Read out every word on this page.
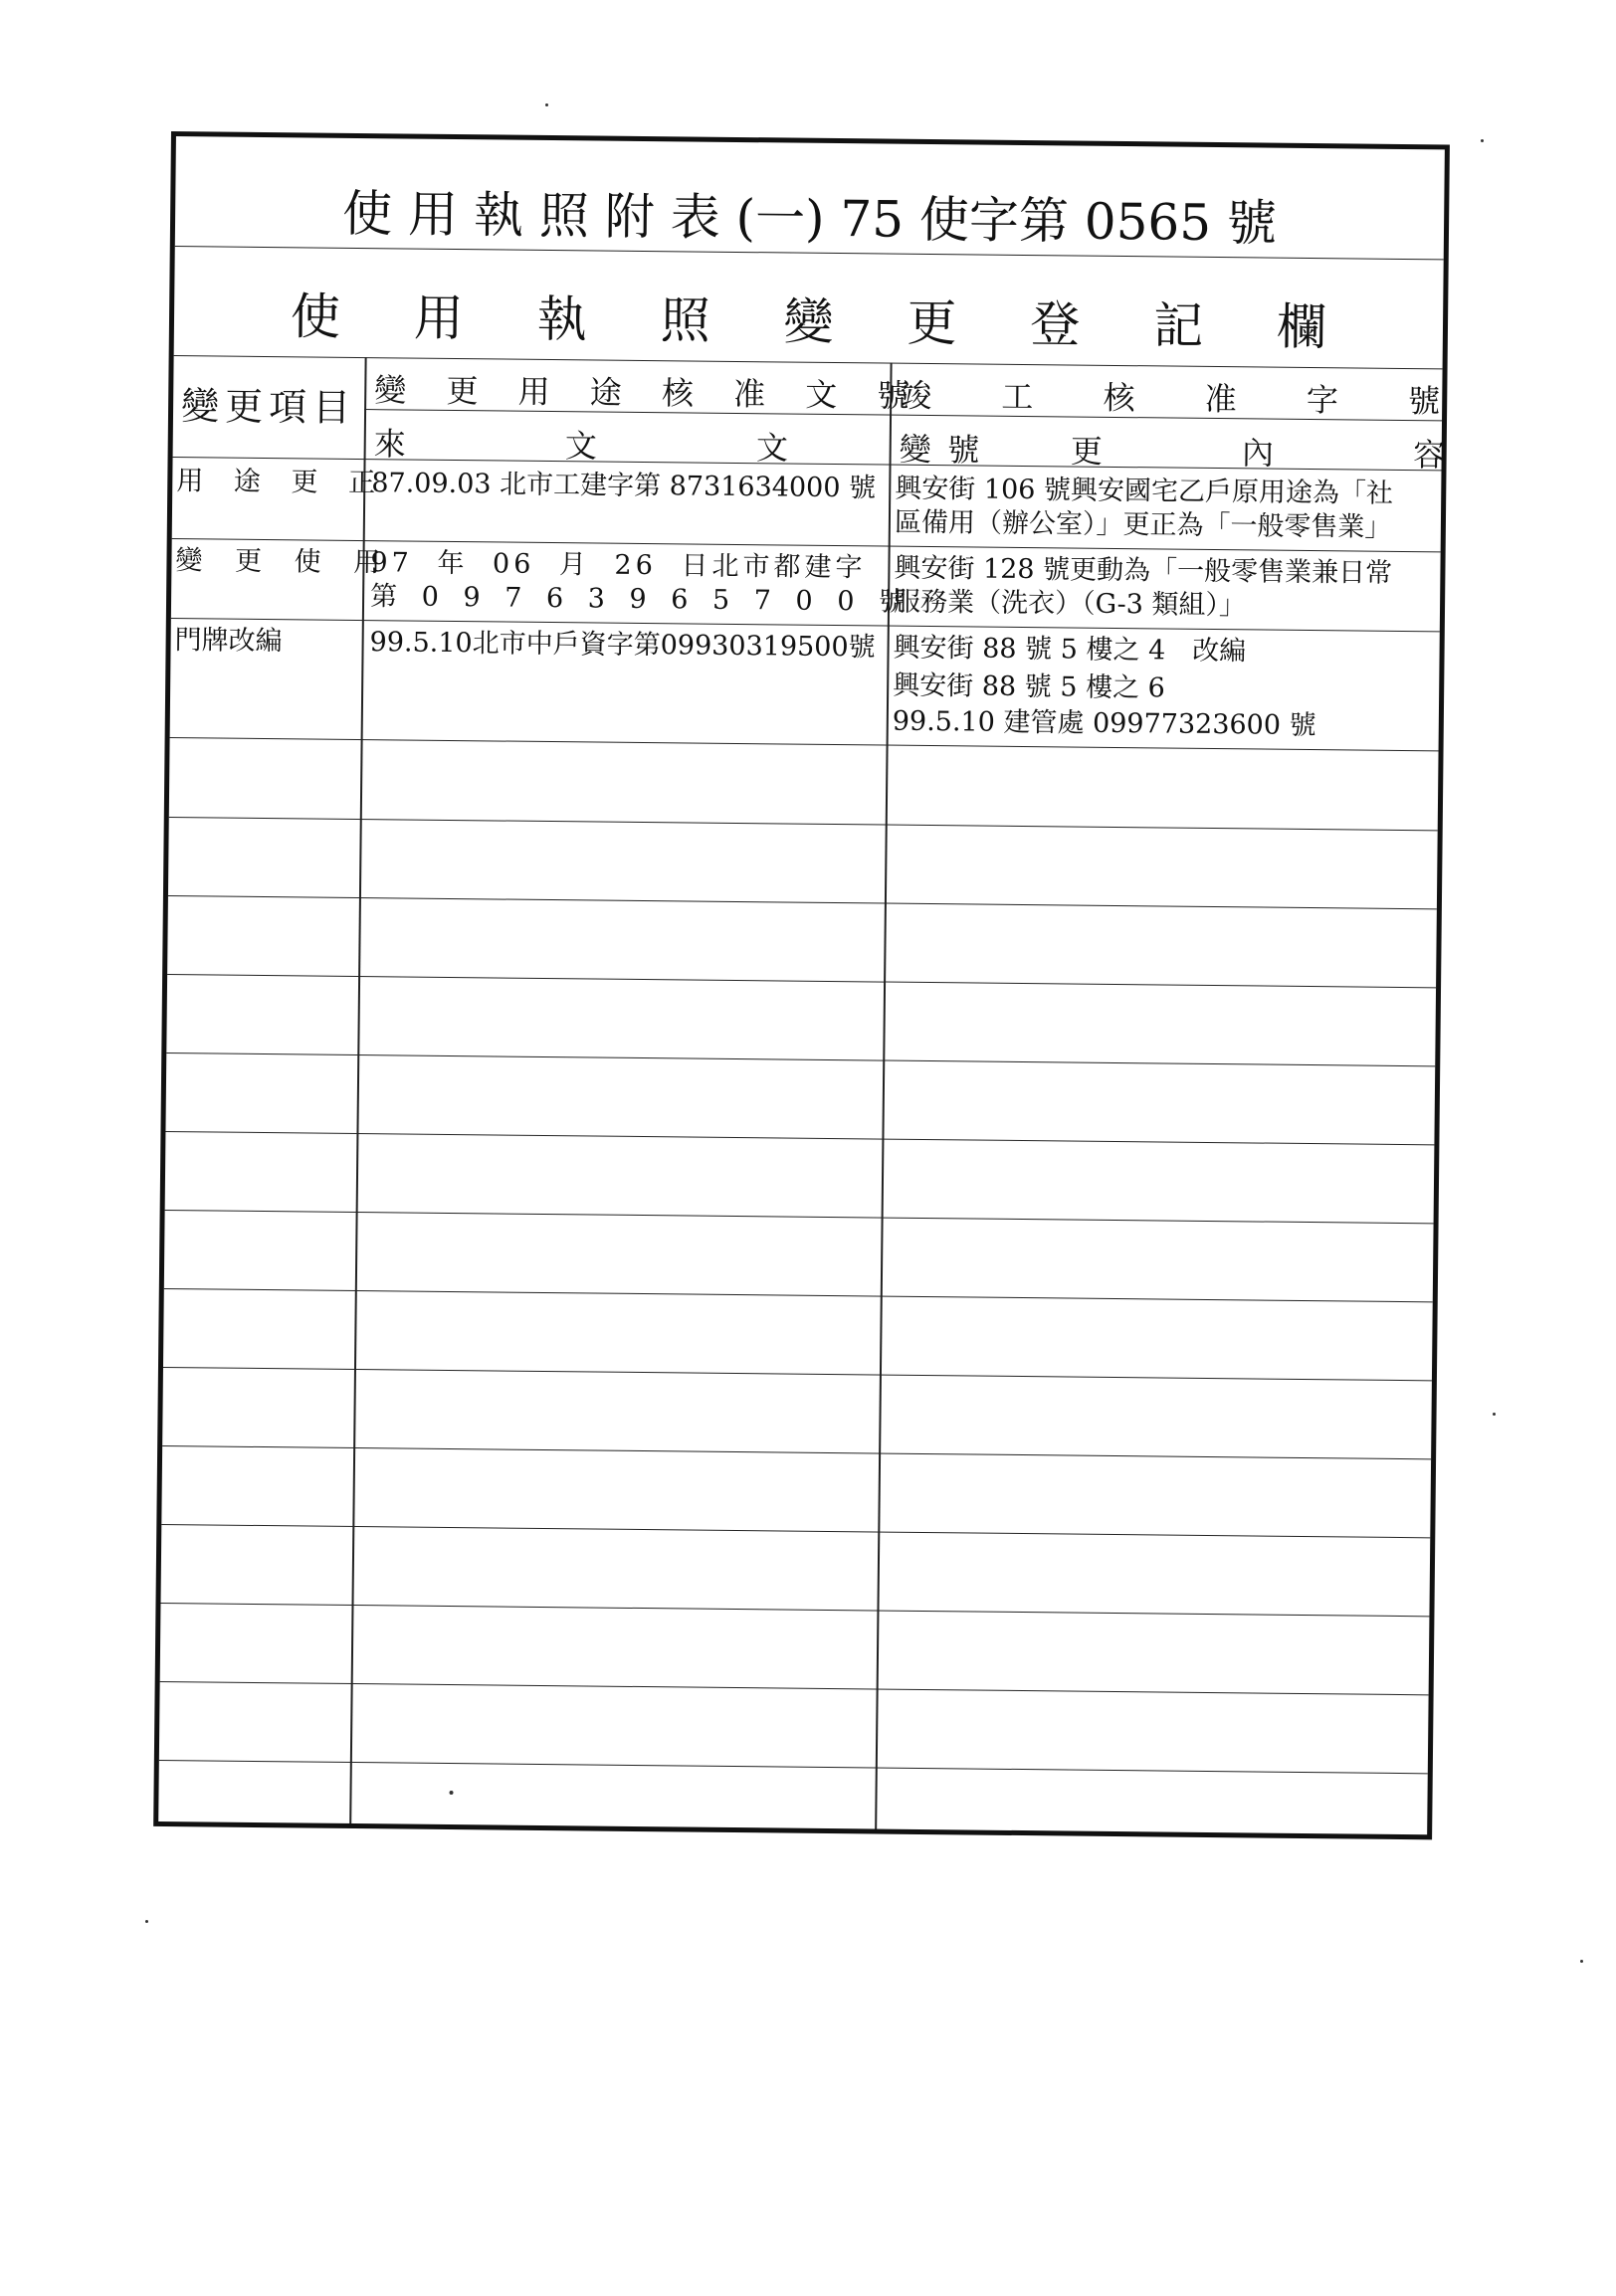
使 用 執 照 附 表 (一) 75 使字第 0565 號
使 用 執 照 變 更 登 記 欄
變更項目 變 更 用 途 核 准 文 號
來 文 文 號
竣 工 核 准 字 號
變 更 內 容
用 途 更 正
87.09.03 北市工建字第 8731634000 號 興安街 106 號興安國宅乙戶原用途為「社
區備用（辦公室）」更正為「一般零售業」
變 更 使 用
97 年 06 月 26 日北市都建字
第 0 9 7 6 3 9 6 5 7 0 0 號
興安街 128 號更動為「一般零售業兼日常
服務業（洗衣）（G-3 類組）」
門牌改編	99.5.10北市中戶資字第09930319500號 興安街 88 號 5 樓之 4　改編
興安街 88 號 5 樓之 6
99.5.10 建管處 09977323600 號
